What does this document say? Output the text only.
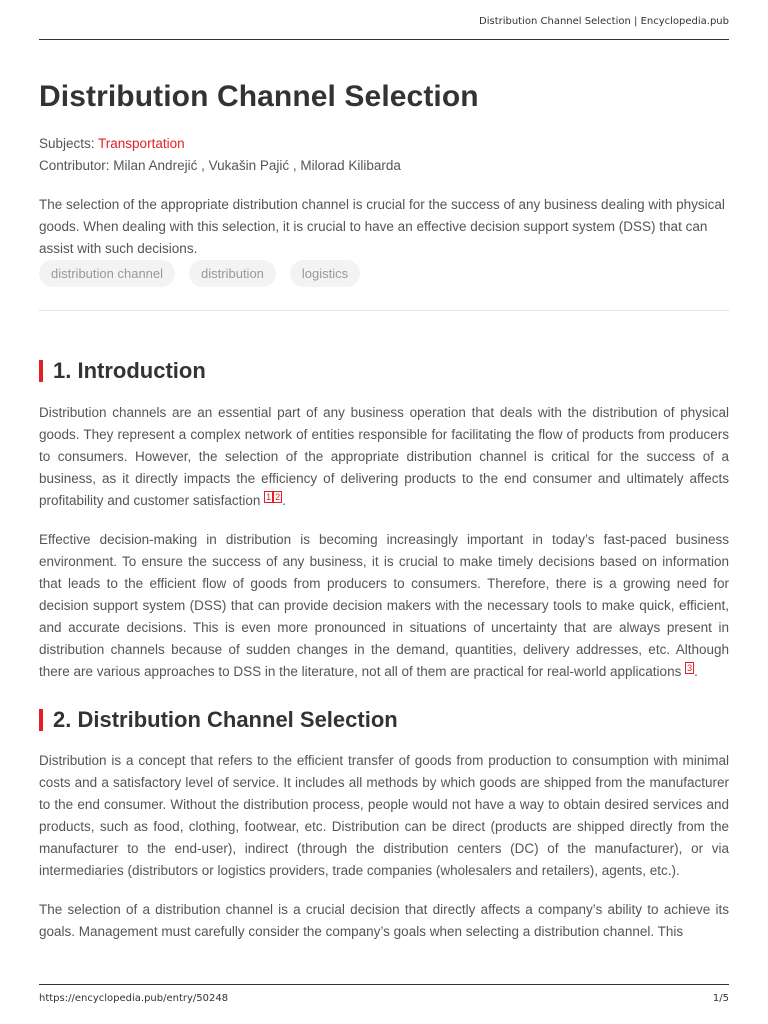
Distribution Channel Selection | Encyclopedia.pub
Distribution Channel Selection
Subjects: Transportation
Contributor: Milan Andrejić , Vukašin Pajić , Milorad Kilibarda

The selection of the appropriate distribution channel is crucial for the success of any business dealing with physical goods. When dealing with this selection, it is crucial to have an effective decision support system (DSS) that can assist with such decisions.

distribution channel	distribution	logistics
1. Introduction

Distribution channels are an essential part of any business operation that deals with the distribution of physical goods. They represent a complex network of entities responsible for facilitating the flow of products from producers to consumers. However, the selection of the appropriate distribution channel is critical for the success of a business, as it directly impacts the efficiency of delivering products to the end consumer and ultimately affects profitability and customer satisfaction $^1$ $^2$ .

Effective decision-making in distribution is becoming increasingly important in today’s fast-paced business environment. To ensure the success of any business, it is crucial to make timely decisions based on information that leads to the efficient flow of goods from producers to consumers. Therefore, there is a growing need for decision support system (DSS) that can provide decision makers with the necessary tools to make quick, efficient, and accurate decisions. This is even more pronounced in situations of uncertainty that are always present in distribution channels because of sudden changes in the demand, quantities, delivery addresses, etc. Although there are various approaches to DSS in the literature, not all of them are practical for real-world applications $^3$ .

2. Distribution Channel Selection

Distribution is a concept that refers to the efficient transfer of goods from production to consumption with minimal costs and a satisfactory level of service. It includes all methods by which goods are shipped from the manufacturer to the end consumer. Without the distribution process, people would not have a way to obtain desired services and products, such as food, clothing, footwear, etc. Distribution can be direct (products are shipped directly from the manufacturer to the end-user), indirect (through the distribution centers (DC) of the manufacturer), or via intermediaries (distributors or logistics providers, trade companies (wholesalers and retailers), agents, etc.).

The selection of a distribution channel is a crucial decision that directly affects a company’s ability to achieve its goals. Management must carefully consider the company’s goals when selecting a distribution channel. This

https://encyclopedia.pub/entry/50248	1/5
